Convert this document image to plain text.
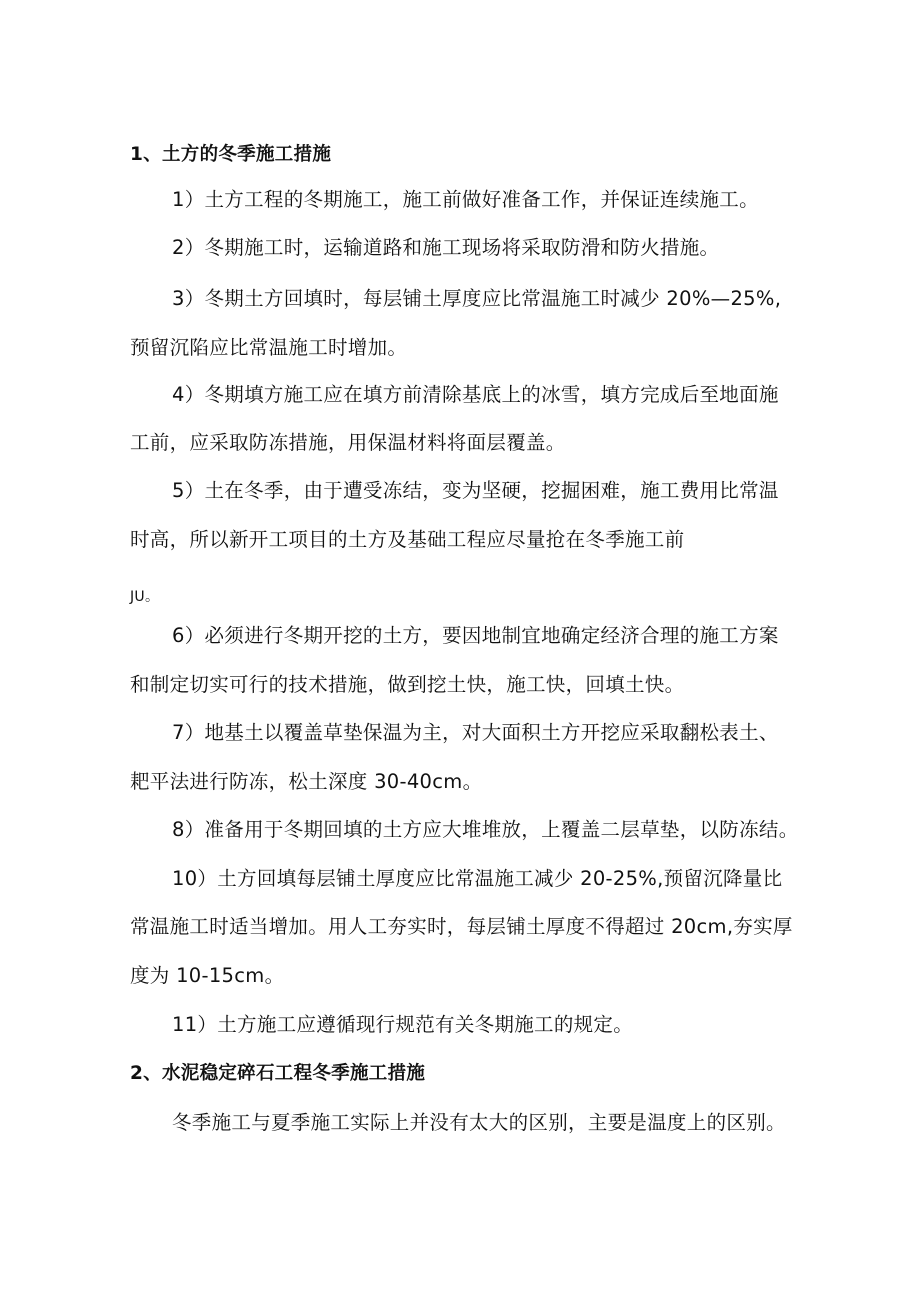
1、土方的冬季施工措施
1）土方工程的冬期施工，施工前做好准备工作，并保证连续施工。
2）冬期施工时，运输道路和施工现场将采取防滑和防火措施。
3）冬期土方回填时，每层铺土厚度应比常温施工时减少 20%—25%,
预留沉陷应比常温施工时增加。
4）冬期填方施工应在填方前清除基底上的冰雪，填方完成后至地面施
工前，应采取防冻措施，用保温材料将面层覆盖。
5）土在冬季，由于遭受冻结，变为坚硬，挖掘困难，施工费用比常温
时高，所以新开工项目的土方及基础工程应尽量抢在冬季施工前
JU。
6）必须进行冬期开挖的土方，要因地制宜地确定经济合理的施工方案
和制定切实可行的技术措施，做到挖土快，施工快，回填土快。
7）地基土以覆盖草垫保温为主，对大面积土方开挖应采取翻松表土、
耙平法进行防冻，松土深度 30-40cm。
8）准备用于冬期回填的土方应大堆堆放，上覆盖二层草垫，以防冻结。
10）土方回填每层铺土厚度应比常温施工减少 20-25%,预留沉降量比
常温施工时适当增加。用人工夯实时，每层铺土厚度不得超过 20cm,夯实厚
度为 10-15cm。
11）土方施工应遵循现行规范有关冬期施工的规定。
2、水泥稳定碎石工程冬季施工措施
冬季施工与夏季施工实际上并没有太大的区别，主要是温度上的区别。
